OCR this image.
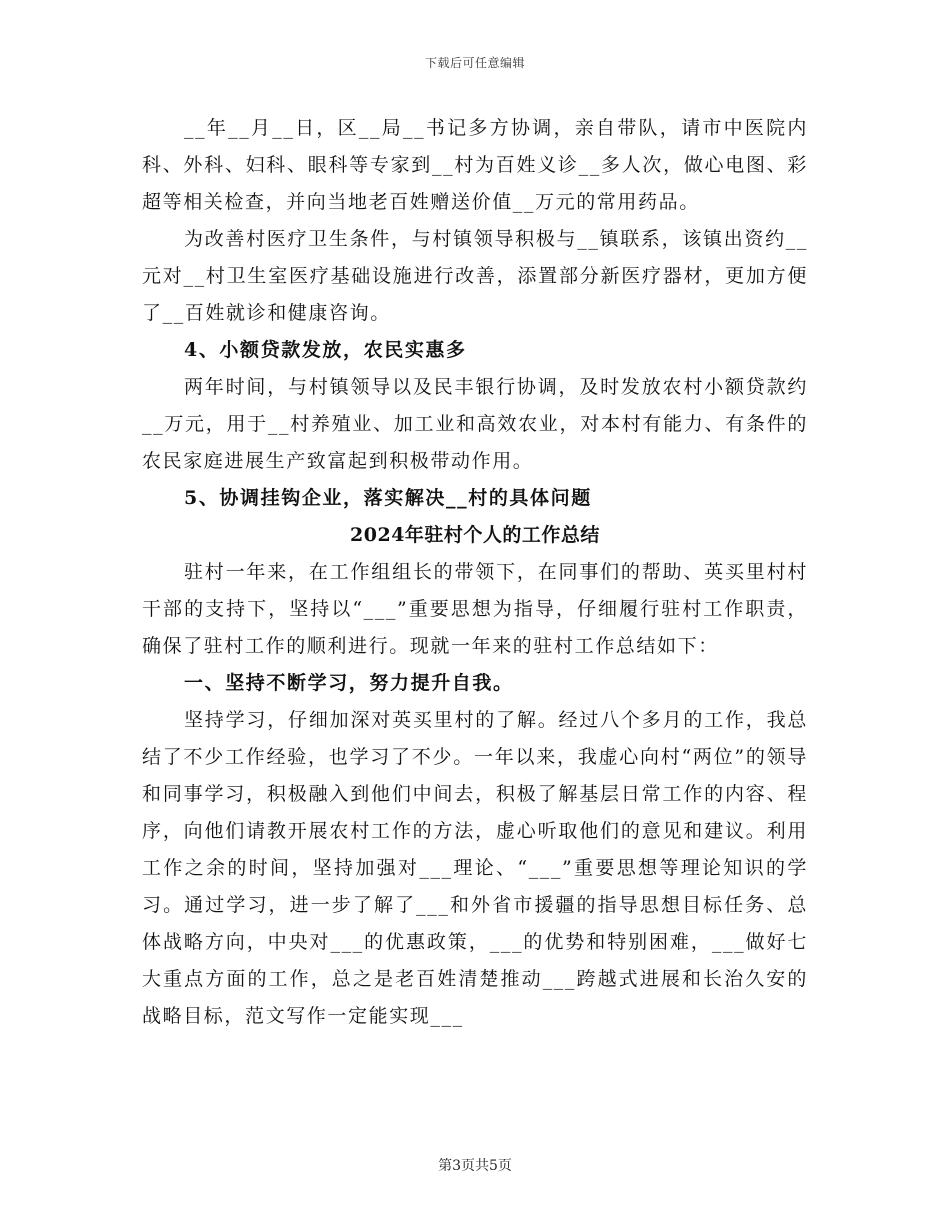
下载后可任意编辑

__年__月__日，区__局__书记多方协调，亲自带队，请市中医院内科、外科、妇科、眼科等专家到__村为百姓义诊__多人次，做心电图、彩超等相关检查，并向当地老百姓赠送价值__万元的常用药品。

为改善村医疗卫生条件，与村镇领导积极与__镇联系，该镇出资约__元对__村卫生室医疗基础设施进行改善，添置部分新医疗器材，更加方便了__百姓就诊和健康咨询。

4、小额贷款发放，农民实惠多

两年时间，与村镇领导以及民丰银行协调，及时发放农村小额贷款约__万元，用于__村养殖业、加工业和高效农业，对本村有能力、有条件的农民家庭进展生产致富起到积极带动作用。

5、协调挂钩企业，落实解决__村的具体问题

2024年驻村个人的工作总结

驻村一年来，在工作组组长的带领下，在同事们的帮助、英买里村村干部的支持下，坚持以“___”重要思想为指导，仔细履行驻村工作职责，确保了驻村工作的顺利进行。现就一年来的驻村工作总结如下：

一、坚持不断学习，努力提升自我。

坚持学习，仔细加深对英买里村的了解。经过八个多月的工作，我总结了不少工作经验，也学习了不少。一年以来，我虚心向村“两位”的领导和同事学习，积极融入到他们中间去，积极了解基层日常工作的内容、程序，向他们请教开展农村工作的方法，虚心听取他们的意见和建议。利用工作之余的时间，坚持加强对___理论、“___”重要思想等理论知识的学习。通过学习，进一步了解了___和外省市援疆的指导思想目标任务、总体战略方向，中央对___的优惠政策，___的优势和特别困难，___做好七大重点方面的工作，总之是老百姓清楚推动___跨越式进展和长治久安的战略目标，范文写作一定能实现___

第3页共5页
